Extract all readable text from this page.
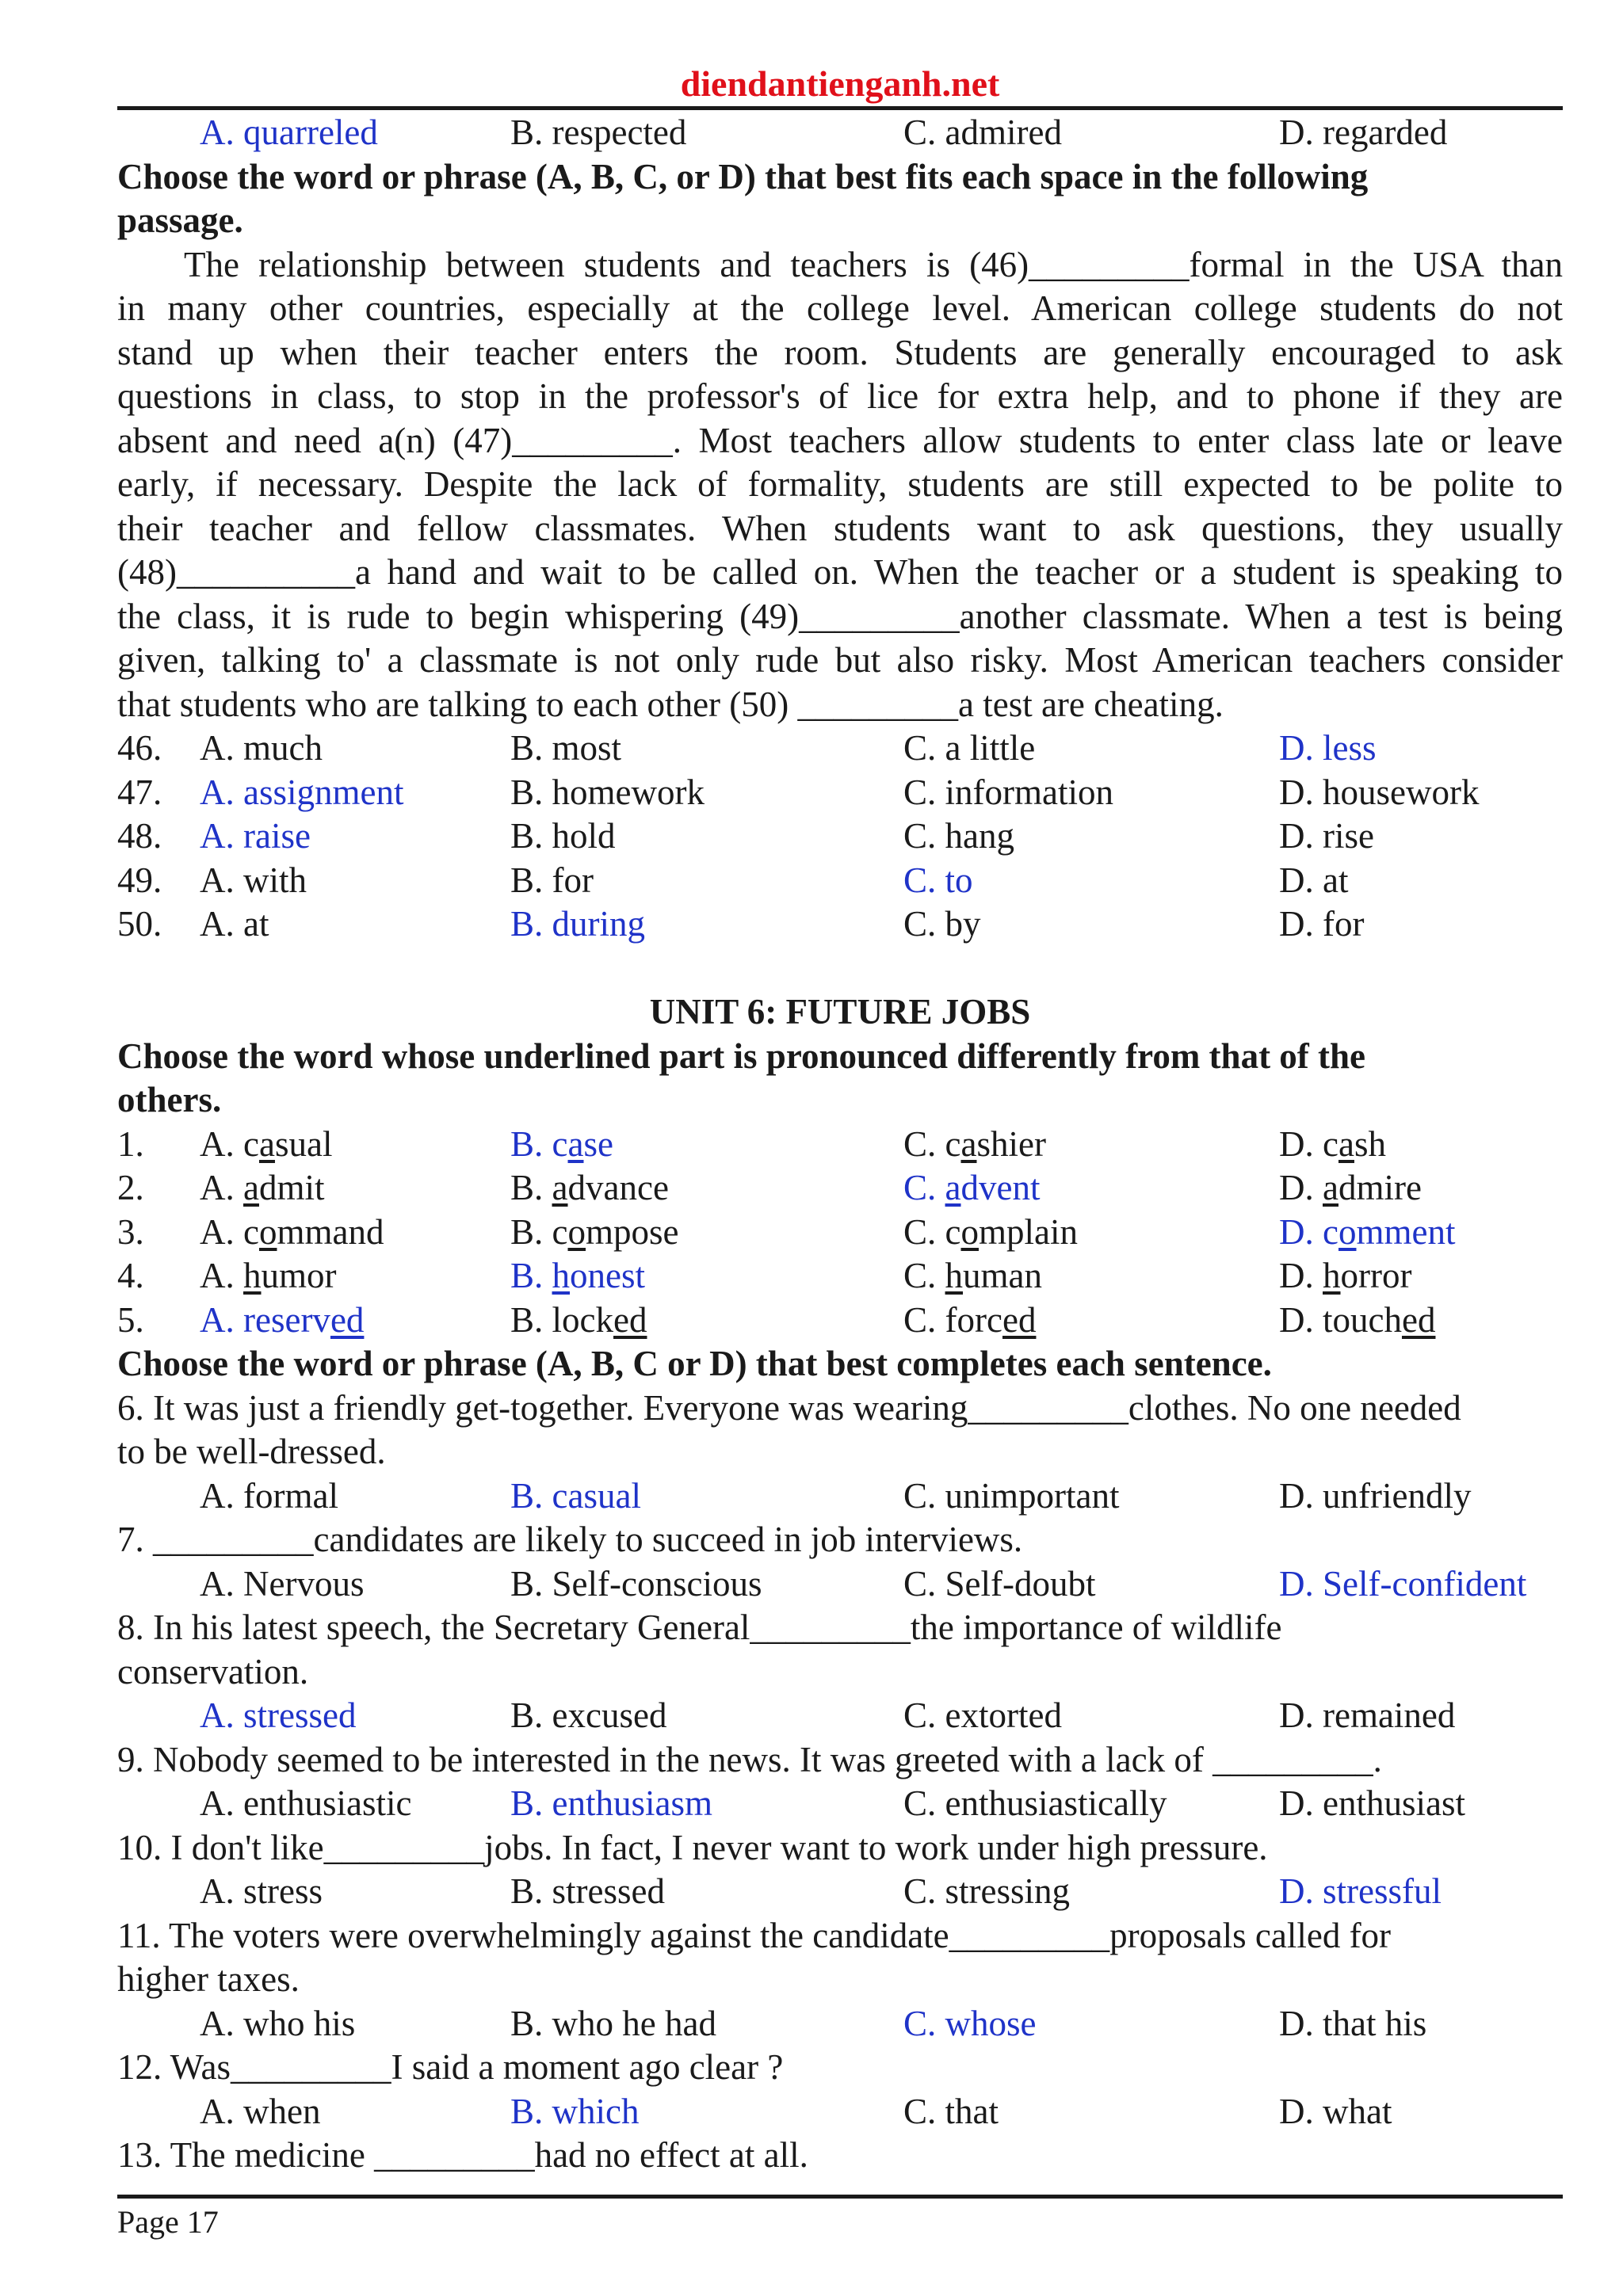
diendantienganh.net
A. quarreled	B. respected	C. admired	D. regarded
Choose the word or phrase (A, B, C, or D) that best fits each space in the following
passage.
The relationship between students and teachers is (46)_________formal in the USA than
in many other countries, especially at the college level. American college students do not
stand up when their teacher enters the room. Students are generally encouraged to ask
questions in class, to stop in the professor's of lice for extra help, and to phone if they are
absent and need a(n) (47)_________. Most teachers allow students to enter class late or leave
early, if necessary. Despite the lack of formality, students are still expected to be polite to
their teacher and fellow classmates. When students want to ask questions, they usually
(48)__________a hand and wait to be called on. When the teacher or a student is speaking to
the class, it is rude to begin whispering (49)_________another classmate. When a test is being
given, talking to' a classmate is not only rude but also risky. Most American teachers consider
that students who are talking to each other (50) _________a test are cheating.
46. A. much	B. most	C. a little	D. less
47. A. assignment	B. homework	C. information	D. housework
48. A. raise	B. hold	C. hang	D. rise
49. A. with	B. for	C. to	D. at
50. A. at	B. during	C. by	D. for
UNIT 6: FUTURE JOBS
Choose the word whose underlined part is pronounced differently from that of the
others.
1. A. casual	B. case	C. cashier	D. cash
2. A. admit	B. advance	C. advent	D. admire
3. A. command	B. compose	C. complain	D. comment
4. A. humor	B. honest	C. human	D. horror
5. A. reserved	B. locked	C. forced	D. touched
Choose the word or phrase (A, B, C or D) that best completes each sentence.
6. It was just a friendly get-together. Everyone was wearing_________clothes. No one needed
to be well-dressed.
A. formal	B. casual	C. unimportant	D. unfriendly
7. _________candidates are likely to succeed in job interviews.
A. Nervous	B. Self-conscious	C. Self-doubt	D. Self-confident
8. In his latest speech, the Secretary General_________the importance of wildlife
conservation.
A. stressed	B. excused	C. extorted	D. remained
9. Nobody seemed to be interested in the news. It was greeted with a lack of _________.
A. enthusiastic	B. enthusiasm	C. enthusiastically	D. enthusiast
10. I don't like_________jobs. In fact, I never want to work under high pressure.
A. stress	B. stressed	C. stressing	D. stressful
11. The voters were overwhelmingly against the candidate_________proposals called for
higher taxes.
A. who his	B. who he had	C. whose	D. that his
12. Was_________I said a moment ago clear ?
A. when	B. which	C. that	D. what
13. The medicine _________had no effect at all.
Page 17
